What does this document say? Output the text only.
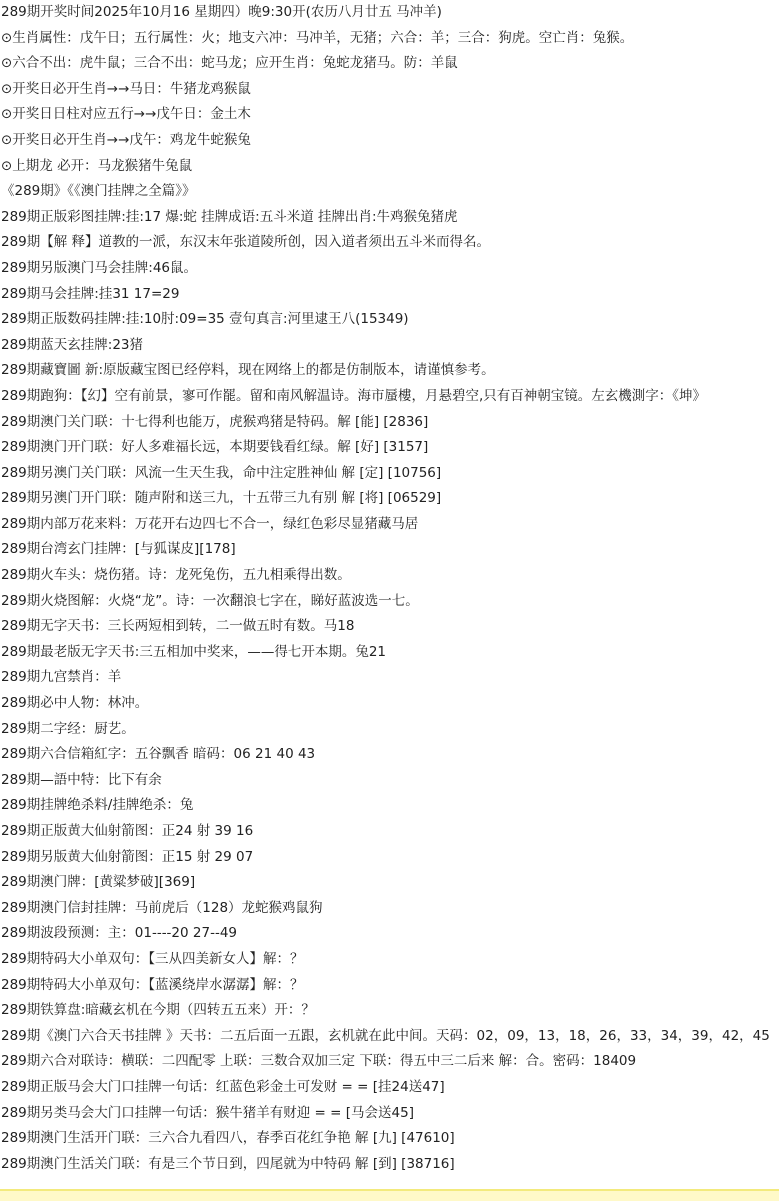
289期开奖时间2025年10月16 星期四）晚9:30开(农历八月廿五 马冲羊)
⊙生肖属性：戊午日；五行属性：火；地支六冲：马冲羊，无猪；六合：羊；三合：狗虎。空亡肖：兔猴。
⊙六合不出：虎牛鼠；三合不出：蛇马龙；应开生肖：兔蛇龙猪马。防：羊鼠
⊙开奖日必开生肖→→马日：牛猪龙鸡猴鼠
⊙开奖日日柱对应五行→→戊午日：金土木
⊙开奖日必开生肖→→戊午：鸡龙牛蛇猴兔
⊙上期龙 必开：马龙猴猪牛兔鼠
《289期》《《澳门挂牌之全篇》》
289期正版彩图挂牌:挂:17 爆:蛇 挂牌成语:五斗米道 挂牌出肖:牛鸡猴兔猪虎
289期【解 释】道教的一派，东汉末年张道陵所创，因入道者须出五斗米而得名。
289期另版澳门马会挂牌:46鼠。
289期马会挂牌:挂31 17=29
289期正版数码挂牌:挂:10肘:09=35 壹句真言:河里逮王八(15349)
289期蓝天玄挂牌:23猪
289期藏寶圖 新:原版藏宝图已经停料，现在网络上的都是仿制版本，请谨慎参考。
289期跑狗：【幻】空有前景，寥可作罷。留和南风解温诗。海市蜃樓，月悬碧空,只有百神朝宝镜。左玄機測字：《坤》
289期澳门关门联：十七得利也能万，虎猴鸡猪是特码。解 [能] [2836]
289期澳门开门联：好人多难福长远，本期要钱看红绿。解 [好] [3157]
289期另澳门关门联：风流一生天生我，命中注定胜神仙 解 [定] [10756]
289期另澳门开门联：随声附和送三九，十五带三九有别 解 [将] [06529]
289期内部万花来料：万花开右边四七不合一，绿红色彩尽显猪藏马居
289期台湾玄门挂牌：[与狐谋皮][178]
289期火车头：烧伤猪。诗：龙死兔伤，五九相乘得出数。
289期火烧图解：火烧“龙”。诗：一次翻浪七字在，睇好蓝波选一七。
289期无字天书：三长两短相到转，二一做五时有数。马18
289期最老版无字天书:三五相加中奖来，——得七开本期。兔21
289期九宫禁肖：羊
289期必中人物：林冲。
289期二字经：厨艺。
289期六合信箱紅字：五谷飘香 暗码：06 21 40 43
289期—語中特：比下有余
289期挂牌绝杀料/挂牌绝杀：兔
289期正版黄大仙射箭图：正24 射 39 16
289期另版黄大仙射箭图：正15 射 29 07
289期澳门牌：[黄粱梦破][369]
289期澳门信封挂牌：马前虎后（128）龙蛇猴鸡鼠狗
289期波段预测：主：01----20 27--49
289期特码大小单双句：【三从四美新女人】解：？
289期特码大小单双句：【蓝溪绕岸水潺潺】解：？
289期铁算盘:暗藏玄机在今期（四转五五来）开：？
289期《澳门六合天书挂牌 》天书：二五后面一五跟，玄机就在此中间。天码：02，09，13，18，26，33，34，39，42，45
289期六合对联诗：横联：二四配零 上联：三数合双加三定 下联：得五中三二后来 解：合。密码：18409
289期正版马会大门口挂牌一句话：红蓝色彩金土可发财 = = [挂24送47]
289期另类马会大门口挂牌一句话：猴牛猪羊有财迎 = = [马会送45]
289期澳门生活开门联：三六合九看四八，春季百花红争艳 解 [九] [47610]
289期澳门生活关门联：有是三个节日到，四尾就为中特码 解 [到] [38716]
